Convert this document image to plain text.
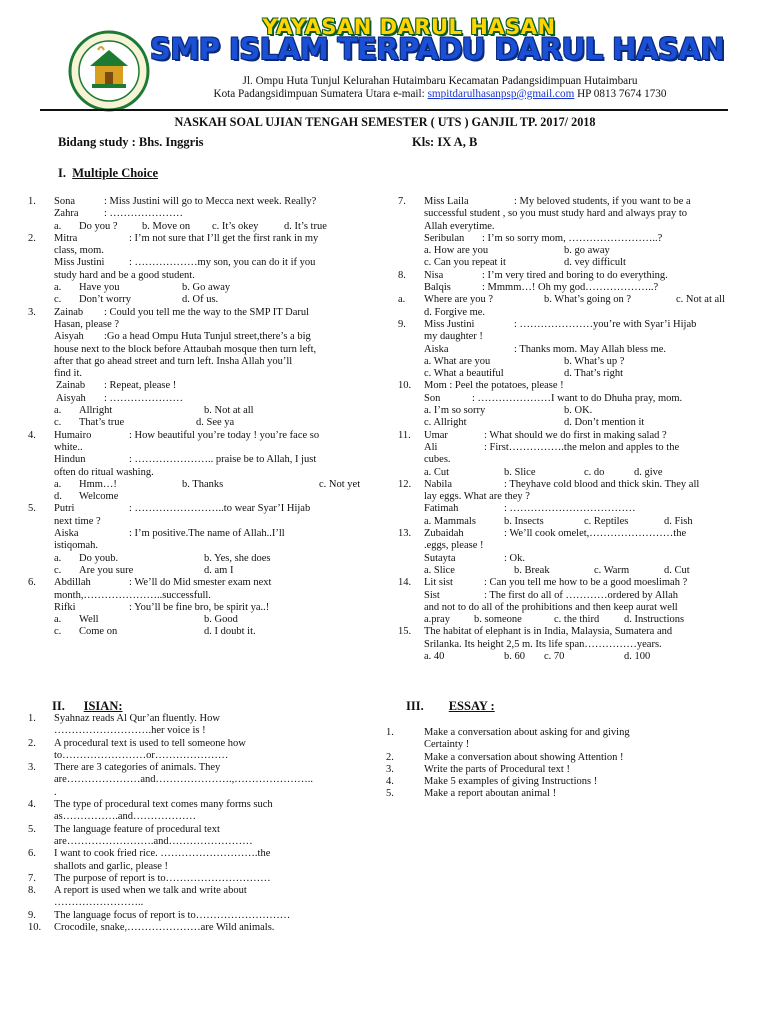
YAYASAN DARUL HASAN
SMP ISLAM TERPADU DARUL HASAN
Jl. Ompu Huta Tunjul Kelurahan Hutaimbaru Kecamatan Padangsidimpuan Hutaimbaru
Kota Padangsidimpuan Sumatera Utara e-mail: smpitdarulhasanpsp@gmail.com HP 0813 7674 1730
NASKAH SOAL UJIAN TENGAH SEMESTER ( UTS ) GANJIL TP. 2017/ 2018
Bidang study : Bhs. Inggris	Kls: IX A, B
I. Multiple Choice
1. Sona	: Miss Justini will go to Mecca next week. Really?
Zahra : …………………
a. Do you ? b. Move on c. It’s okey d. It’s true
2. Mitra	: I’m not sure that I’ll get the first rank in my
class, mom.
Miss Justini : ………………my son, you can do it if you
study hard and be a good student.
a. Have you	b. Go away
c. Don’t worry	d. Of us.
3. Zainab : Could you tell me the way to the SMP IT Darul
Hasan, please ?
Aisyah :Go a head Ompu Huta Tunjul street,there’s a big
house next to the block before Attaubah mosque then turn left,
after that go ahead street and turn left. Insha Allah you’ll
find it.
Zainab : Repeat, please !
Aisyah : …………………
a. Allright	b. Not at all
c. That’s true	d. See ya
4. Humairo	: How beautiful you’re today ! you’re face so
white..
Hindun	: ………………….. praise be to Allah, I just
often do ritual washing.
a. Hmm…!	b. Thanks	c. Not yet
d. Welcome
5. Putri	: ……………………..to wear Syar’I Hijab
next time ?
Aiska	: I’m positive.The name of Allah..I’ll
istiqomah.
a. Do youb.	b. Yes, she does
c. Are you sure	d. am I
6. Abdillah	: We’ll do Mid smester exam next
month,…………………..successfull.
Rifki	: You’ll be fine bro, be spirit ya..!
a. Well	b. Good
c. Come on	d. I doubt it.
7. Miss Laila	: My beloved students, if you want to be a
successful student , so you must study hard and always pray to
Allah everytime.
Seribulan : I’m so sorry mom, ……………………..?
a. How are you	b. go away
c. Can you repeat it	d. vey difficult
8. Nisa	: I’m very tired and boring to do everything.
Balqis	: Mmmm…! Oh my god………………..?
a. Where are you ?	b. What’s going on ?	c. Not at all
d. Forgive me.
9. Miss Justini	: …………………you’re with Syar’i Hijab
my daughter !
Aiska	: Thanks mom. May Allah bless me.
a. What are you	b. What’s up ?
c. What a beautiful	d. That’s right
10. Mom : Peel the potatoes, please !
Son	: …………………I want to do Dhuha pray, mom.
a. I’m so sorry	b. OK.
c. Allright	d. Don’t mention it
11. Umar	: What should we do first in making salad ?
Ali	: First…………….the melon and apples to the
cubes.
a. Cut	b. Slice	c. do	d. give
12. Nabila	: Theyhave cold blood and thick skin. They all
lay eggs. What are they ?
Fatimah	: ………………………………
a. Mammals	b. Insects	c. Reptiles	d. Fish
13. Zubaidah	: We’ll cook omelet,……………………the
.eggs, please !
Sutayta	: Ok.
a. Slice	b. Break	c. Warm	d. Cut
14. Lit sist	: Can you tell me how to be a good moeslimah ?
Sist	: The first do all of …………ordered by Allah
and not to do all of the prohibitions and then keep aurat well
a.pray b. someone	c. the third d. Instructions
15. The habitat of elephant is in India, Malaysia, Sumatera and
Srilanka. Its height 2,5 m. Its life span……………years.
a. 40	b. 60 c. 70	d. 100
II. ISIAN:	III. ESSAY :
1. Syahnaz reads Al Qur’an fluently. How
……………………….her voice is !
2. A procedural text is used to tell someone how
to……………………or…………………
3. There are 3 categories of animals. They
are…………………and………………….,…………………..
.
4. The type of procedural text comes many forms such
as…………….and………………
5. The language feature of procedural text
are…………………….and……………………
6. I want to cook fried rice. ……………………….the
shallots and garlic, please !
7. The purpose of report is to…………………………
8. A report is used when we talk and write about
……………………..
9. The language focus of report is to………………………
10. Crocodile, snake,…………………are Wild animals.
1.	Make a conversation about asking for and giving
Certainty !
2.	Make a conversation about showing Attention !
3.	Write the parts of Procedural text !
4.	Make 5 examples of giving Instructions !
5.	Make a report aboutan animal !
